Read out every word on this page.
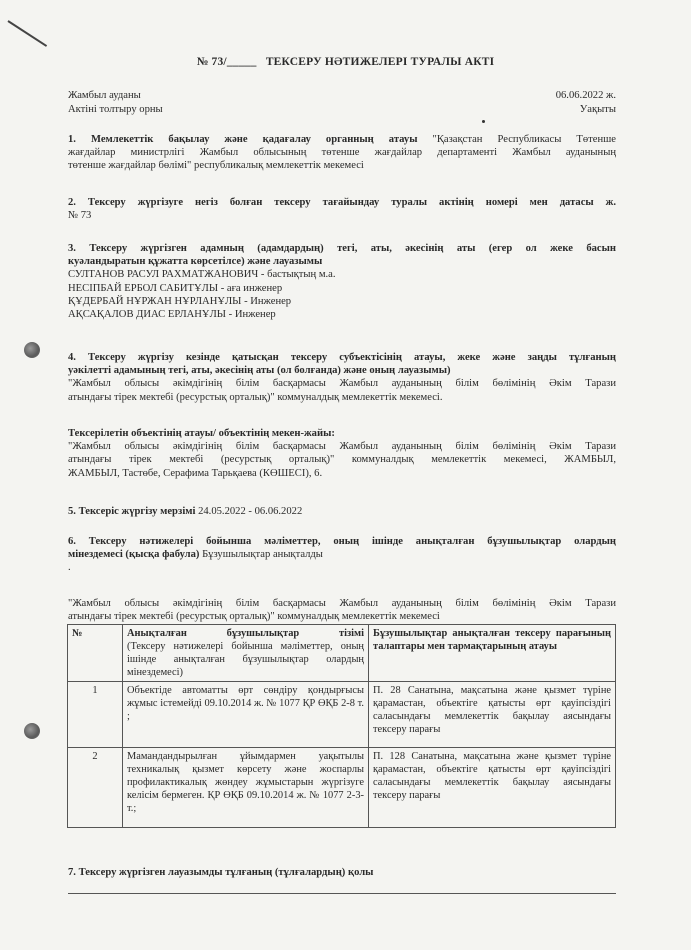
№ 73/_____ ТЕКСЕРУ НӘТИЖЕЛЕРІ ТУРАЛЫ АКТІ
Жамбыл ауданы	06.06.2022 ж.
Актіні толтыру орны	Уақыты
1. Мемлекеттік бақылау және қадағалау органның атауы "Қазақстан Республикасы Төтенше
жағдайлар министрлігі Жамбыл облысының төтенше жағдайлар департаменті Жамбыл ауданының
төтенше жағдайлар бөлімі" республикалық мемлекеттік мекемесі
2. Тексеру жүргізуге негіз болған тексеру тағайындау туралы актінің номері мен датасы ж.
№ 73
3. Тексеру жүргізген адамның (адамдардың) тегі, аты, әкесінің аты (егер ол жеке басын
куәландыратын құжатта көрсетілсе) және лауазымы
СУЛТАНОВ РАСУЛ РАХМАТЖАНОВИЧ - бастықтың м.а.
НЕСІПБАЙ ЕРБОЛ САБИТҰЛЫ - аға инженер
ҚҰДЕРБАЙ НҰРЖАН НҰРЛАНҰЛЫ - Инженер
АҚСАҚАЛОВ ДИАС ЕРЛАНҰЛЫ - Инженер
4. Тексеру жүргізу кезінде қатысқан тексеру субъектісінің атауы, жеке және заңды тұлғаның
уәкілетті адамының тегі, аты, әкесінің аты (ол болғанда) және оның лауазымы)
"Жамбыл облысы әкімдігінің білім басқармасы Жамбыл ауданының білім бөлімінің Әкім Тарази
атындағы тірек мектебі (ресурстық орталық)" коммуналдық мемлекеттік мекемесі.
Тексерілетін объектінің атауы/ объектінің мекен-жайы:
"Жамбыл облысы әкімдігінің білім басқармасы Жамбыл ауданының білім бөлімінің Әкім Тарази
атындағы тірек мектебі (ресурстық орталық)" коммуналдық мемлекеттік мекемесі, ЖАМБЫЛ,
ЖАМБЫЛ, Тастөбе, Серафима Тарьқаева (КӨШЕСІ), 6.
5. Тексеріс жүргізу мерзімі 24.05.2022 - 06.06.2022
6. Тексеру нәтижелері бойынша мәліметтер, оның ішінде анықталған бұзушылықтар олардың
мінездемесі (қысқа фабула) Бұзушылықтар анықталды
.
"Жамбыл облысы әкімдігінің білім басқармасы Жамбыл ауданының білім бөлімінің Әкім Тарази
атындағы тірек мектебі (ресурстық орталық)" коммуналдық мемлекеттік мекемесі
№	Анықталған бұзушылықтар тізімі
(Тексеру нәтижелері бойынша мәліметтер, оның ішінде анықталған бұзушылықтар олардың мінездемесі)	Бұзушылықтар анықталған тексеру парағының талаптары мен тармақтарының атауы
1	Объектіде автоматты өрт сөндіру қондырғысы жұмыс істемейді 09.10.2014 ж. № 1077 ҚР ӨҚБ 2-8 т. ;	П. 28 Санатына, мақсатына және қызмет түріне қарамастан, объектіге қатысты өрт қауіпсіздігі саласындағы мемлекеттік бақылау аясындағы тексеру парағы
2	Мамандандырылған ұйымдармен уақытылы техникалық қызмет көрсету және жоспарлы профилактикалық жөндеу жұмыстарын жүргізуге келісім бермеген. ҚР ӨҚБ 09.10.2014 ж. № 1077 2-3-т.;	П. 128 Санатына, мақсатына және қызмет түріне қарамастан, объектіге қатысты өрт қауіпсіздігі саласындағы мемлекеттік бақылау аясындағы тексеру парағы
7. Тексеру жүргізген лауазымды тұлғаның (тұлғалардың) қолы
